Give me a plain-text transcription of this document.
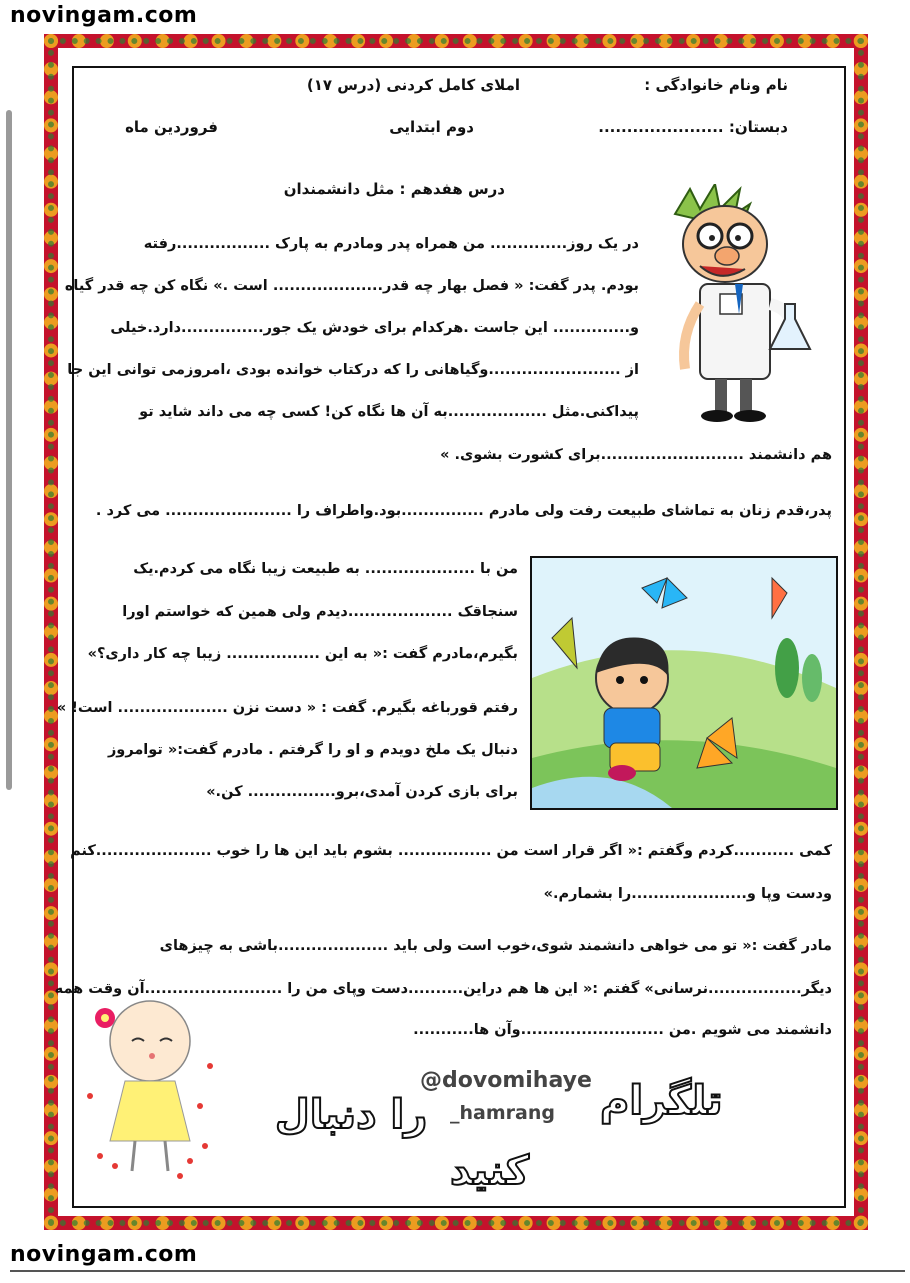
novingam.com
novingam.com
نام ونام خانوادگی :
املای کامل کردنی (درس ۱۷)
دبستان: ......................
دوم ابتدایی
فروردین ماه
درس هفدهم : مثل دانشمندان
در یک روز.............. من همراه پدر ومادرم به پارک .................رفته
بودم. پدر گفت: « فصل بهار چه قدر.................... است .» نگاه کن چه قدر گیاه
و.............. این جاست .هرکدام برای خودش یک جور...............دارد.خیلی
از ........................وگیاهانی را که درکتاب خوانده بودی ،امروزمی توانی این جا
پیداکنی.مثل ..................به آن ها نگاه کن! کسی چه می داند شاید تو
هم دانشمند ..........................برای کشورت بشوی. »
پدر،قدم زنان به تماشای طبیعت رفت ولی مادرم ...............بود.واطراف را ....................... می کرد .
من با .................... به طبیعت زیبا نگاه می کردم.یک
سنجاقک ...................دیدم ولی همین که خواستم اورا
بگیرم،مادرم گفت :« به این ................. زیبا چه کار داری؟»
رفتم قورباغه بگیرم. گفت : « دست نزن .................... است! »
دنبال یک ملخ دویدم و او را گرفتم . مادرم گفت:« توامروز
برای بازی کردن آمدی،برو................ کن.»
کمی ...........کردم وگفتم :« اگر قرار است من ................. بشوم باید این ها را خوب .....................کنم
ودست وپا و.....................را بشمارم.»
مادر گفت :« تو می خواهی دانشمند شوی،خوب است ولی باید ....................باشی به چیزهای
دیگر.................نرسانی» گفتم :« این ها هم دراین..........دست وپای من را .........................آن وقت همه
دانشمند می شویم .من ..........................وآن ها...........
@dovomihaye
_hamrang تلگرام
را دنبال
کنید
